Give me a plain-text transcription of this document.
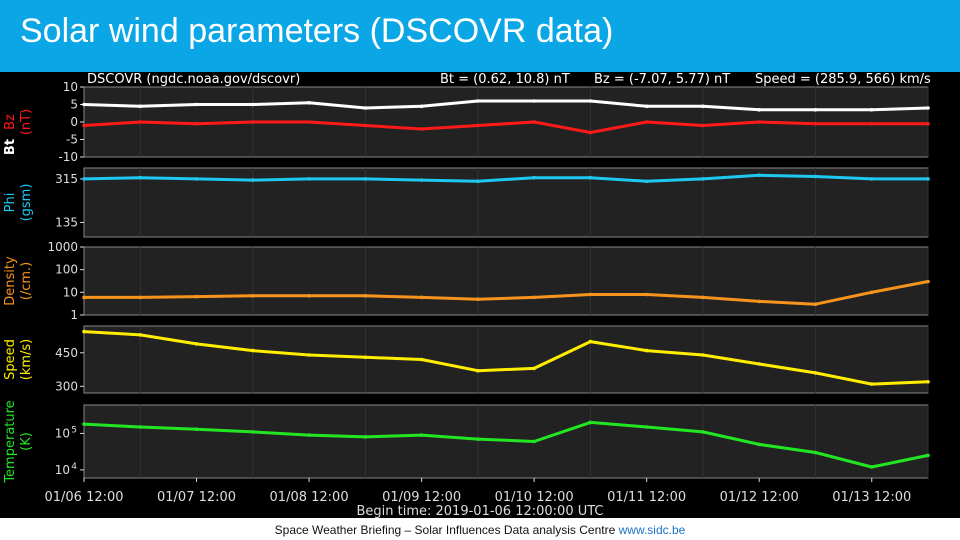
Solar wind parameters (DSCOVR data)
DSCOVR (ngdc.noaa.gov/dscovr)	Bt = (0.62, 10.8) nT Bz = (-7.07, 5.77) nT Speed = (285.9, 566) km/s
10
5
0
-5
-10
Bz (nT)
Bt
315
135
Phi (gsm)
1000
100
10
1
Density (/cm.)
450
300
Speed (km/s)
10 5
10 4
Temperature (K)
01/06 12:00	01/07 12:00	01/08 12:00	01/09 12:00	01/10 12:00	01/11 12:00	01/12 12:00	01/13 12:00
Begin time: 2019-01-06 12:00:00 UTC
Space Weather Briefing – Solar Influences Data analysis Centre www.sidc.be
